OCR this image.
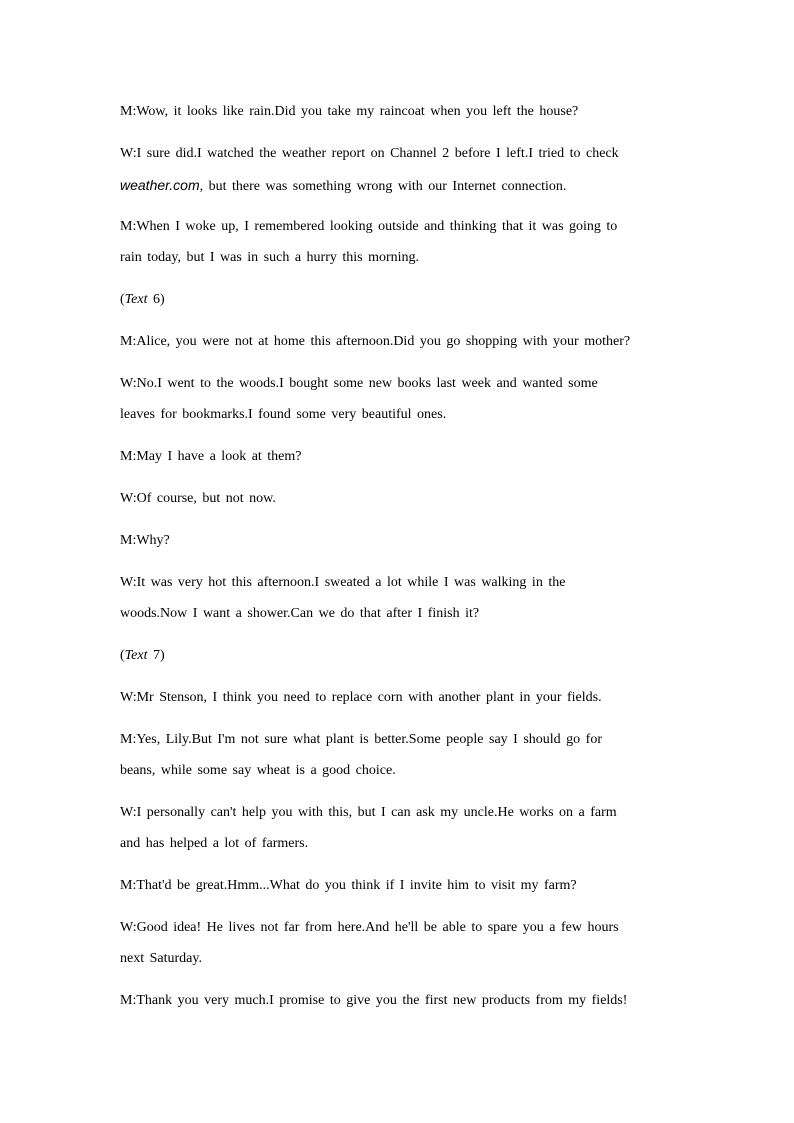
M:Wow, it looks like rain.Did you take my raincoat when you left the house?
W:I sure did.I watched the weather report on Channel 2 before I left.I tried to check
weather.com, but there was something wrong with our Internet connection.
M:When I woke up, I remembered looking outside and thinking that it was going to
rain today, but I was in such a hurry this morning.
(Text 6)
M:Alice, you were not at home this afternoon.Did you go shopping with your mother?
W:No.I went to the woods.I bought some new books last week and wanted some
leaves for bookmarks.I found some very beautiful ones.
M:May I have a look at them?
W:Of course, but not now.
M:Why?
W:It was very hot this afternoon.I sweated a lot while I was walking in the
woods.Now I want a shower.Can we do that after I finish it?
(Text 7)
W:Mr Stenson, I think you need to replace corn with another plant in your fields.
M:Yes, Lily.But I'm not sure what plant is better.Some people say I should go for
beans, while some say wheat is a good choice.
W:I personally can't help you with this, but I can ask my uncle.He works on a farm
and has helped a lot of farmers.
M:That'd be great.Hmm...What do you think if I invite him to visit my farm?
W:Good idea! He lives not far from here.And he'll be able to spare you a few hours
next Saturday.
M:Thank you very much.I promise to give you the first new products from my fields!
